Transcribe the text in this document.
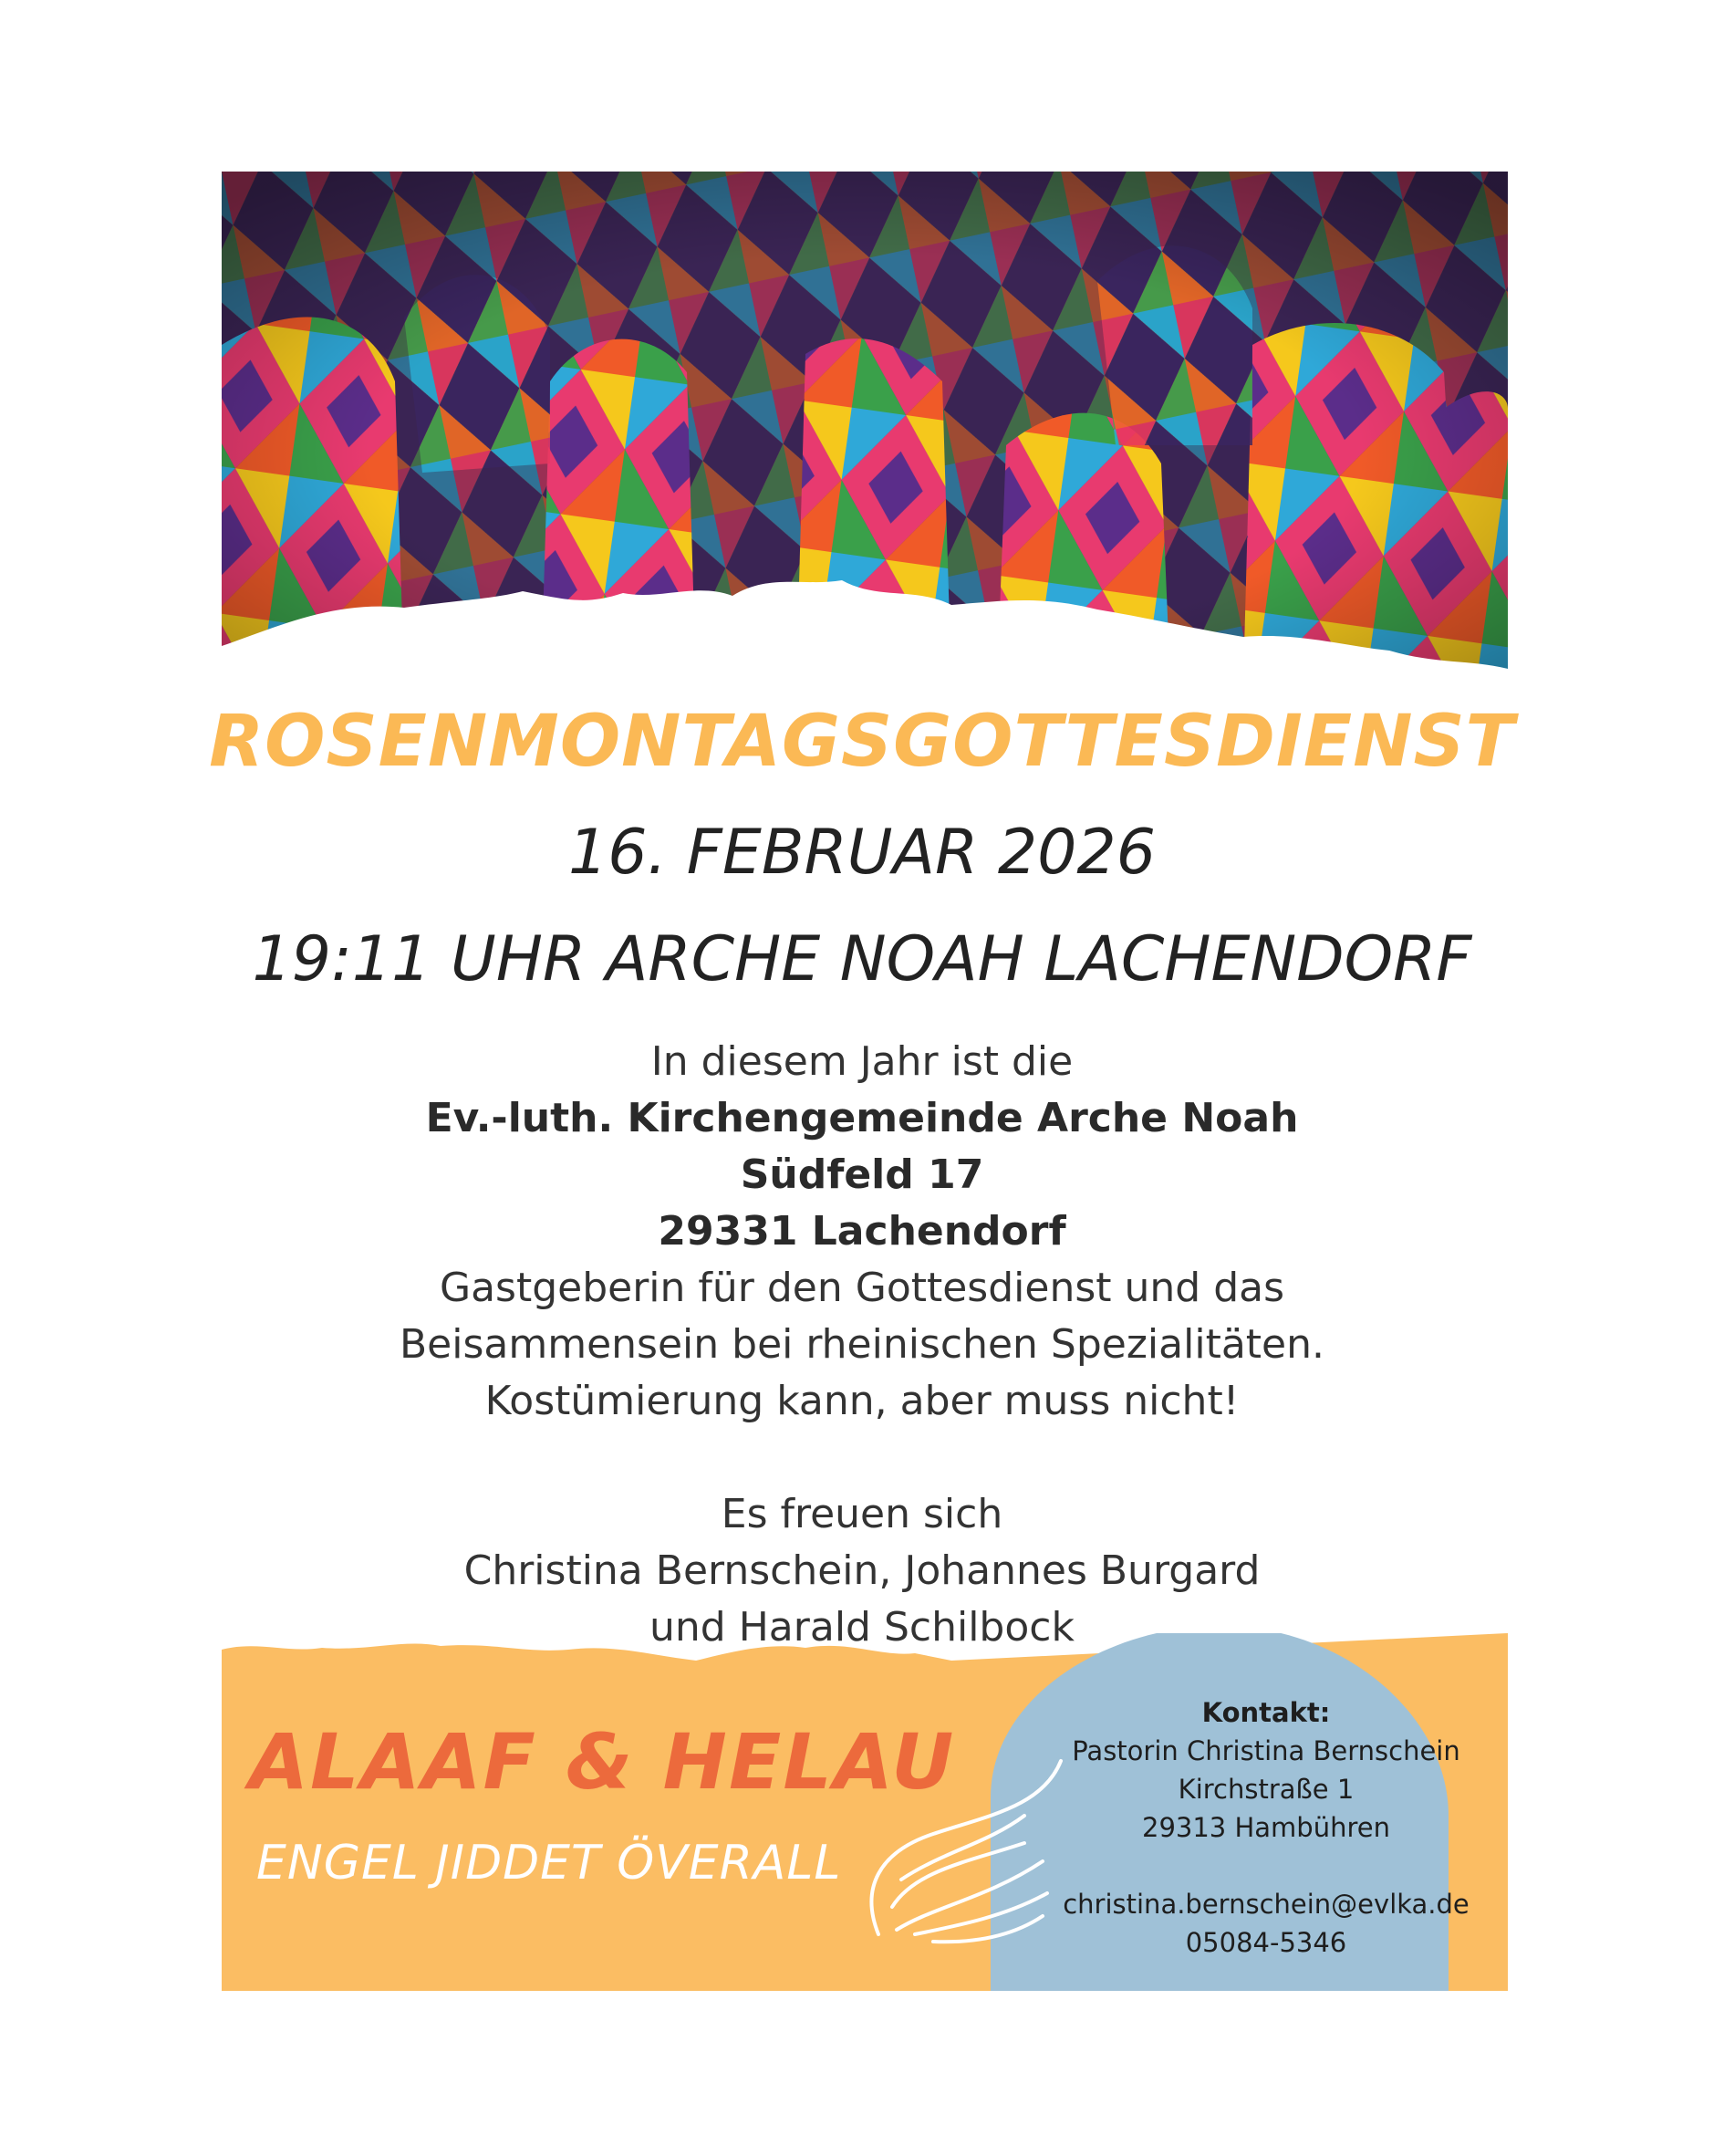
ROSENMONTAGSGOTTESDIENST
16. FEBRUAR 2026
19:11 UHR ARCHE NOAH LACHENDORF
In diesem Jahr ist die
Ev.-luth. Kirchengemeinde Arche Noah
Südfeld 17
29331 Lachendorf
Gastgeberin für den Gottesdienst und das
Beisammensein bei rheinischen Spezialitäten.
Kostümierung kann, aber muss nicht!
Es freuen sich
Christina Bernschein, Johannes Burgard
und Harald Schilbock
ALAAF & HELAU
ENGEL JIDDET ÖVERALL
Kontakt:
Pastorin Christina Bernschein
Kirchstraße 1
29313 Hambühren
christina.bernschein@evlka.de
05084-5346
